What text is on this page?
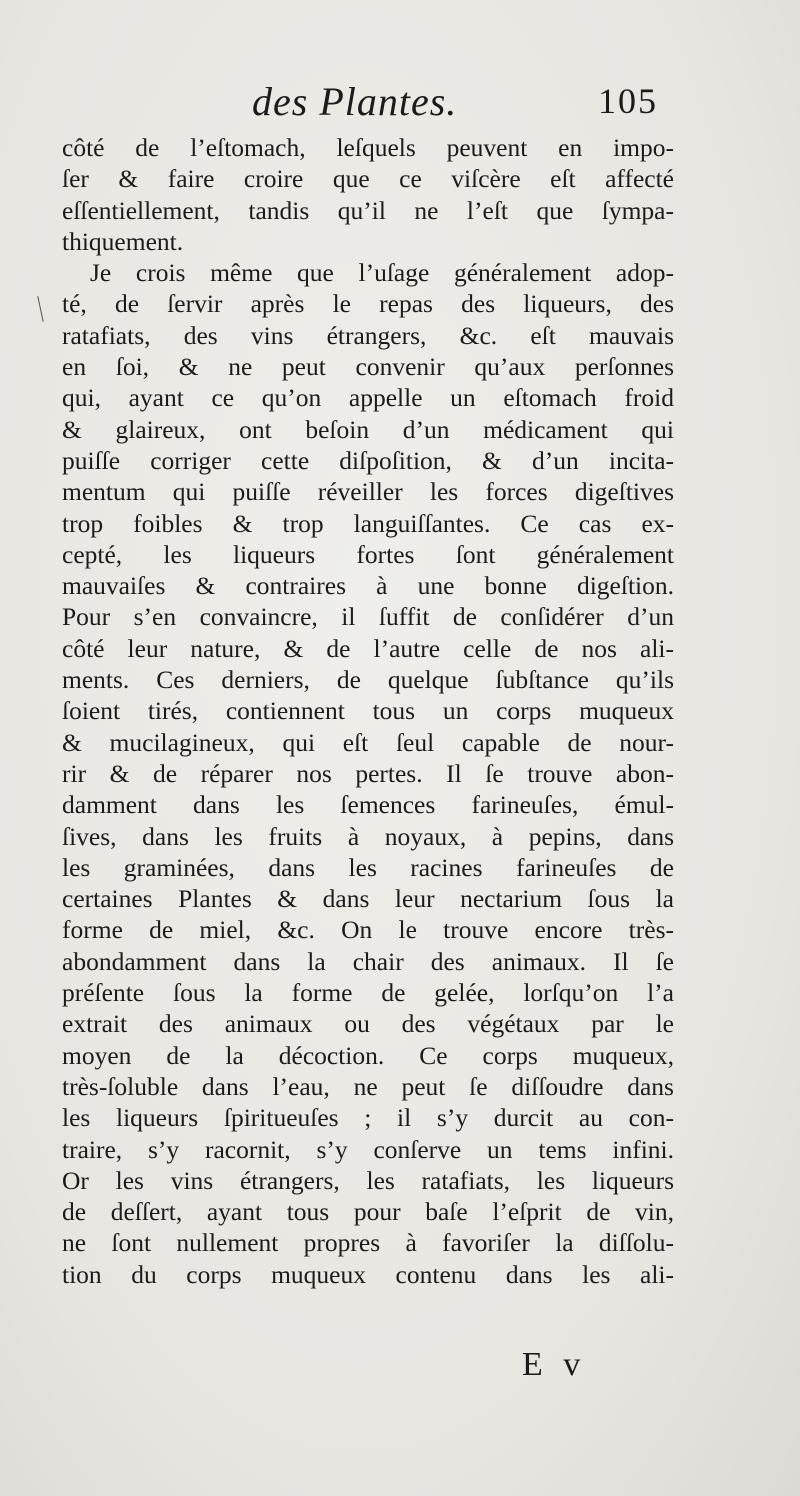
des Plantes.	105
côté de l’eſtomach, leſquels peuvent en impo-
ſer & faire croire que ce viſcère eſt affecté
eſſentiellement, tandis qu’il ne l’eſt que ſympa-
thiquement.
Je crois même que l’uſage généralement adop-
té, de ſervir après le repas des liqueurs, des
ratafiats, des vins étrangers, &c. eſt mauvais
en ſoi, & ne peut convenir qu’aux perſonnes
qui, ayant ce qu’on appelle un eſtomach froid
& glaireux, ont beſoin d’un médicament qui
puiſſe corriger cette diſpoſition, & d’un incita-
mentum qui puiſſe réveiller les forces digeſtives
trop foibles & trop languiſſantes. Ce cas ex-
cepté, les liqueurs fortes ſont généralement
mauvaiſes & contraires à une bonne digeſtion.
Pour s’en convaincre, il ſuffit de conſidérer d’un
côté leur nature, & de l’autre celle de nos ali-
ments. Ces derniers, de quelque ſubſtance qu’ils
ſoient tirés, contiennent tous un corps muqueux
& mucilagineux, qui eſt ſeul capable de nour-
rir & de réparer nos pertes. Il ſe trouve abon-
damment dans les ſemences farineuſes, émul-
ſives, dans les fruits à noyaux, à pepins, dans
les graminées, dans les racines farineuſes de
certaines Plantes & dans leur nectarium ſous la
forme de miel, &c. On le trouve encore très-
abondamment dans la chair des animaux. Il ſe
préſente ſous la forme de gelée, lorſqu’on l’a
extrait des animaux ou des végétaux par le
moyen de la décoction. Ce corps muqueux,
très-ſoluble dans l’eau, ne peut ſe diſſoudre dans
les liqueurs ſpiritueuſes ; il s’y durcit au con-
traire, s’y racornit, s’y conſerve un tems infini.
Or les vins étrangers, les ratafiats, les liqueurs
de deſſert, ayant tous pour baſe l’eſprit de vin,
ne ſont nullement propres à favoriſer la diſſolu-
tion du corps muqueux contenu dans les ali-
E v
